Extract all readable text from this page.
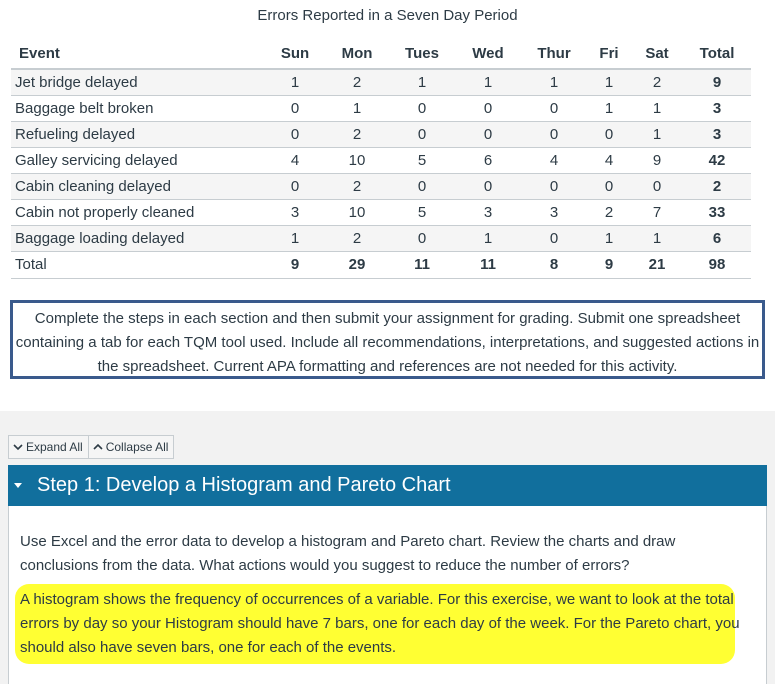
Errors Reported in a Seven Day Period
Event	Sun	Mon	Tues	Wed	Thur	Fri	Sat	Total
Jet bridge delayed	1	2	1	1	1	1	2	9
Baggage belt broken	0	1	0	0	0	1	1	3
Refueling delayed	0	2	0	0	0	0	1	3
Galley servicing delayed	4	10	5	6	4	4	9	42
Cabin cleaning delayed	0	2	0	0	0	0	0	2
Cabin not properly cleaned	3	10	5	3	3	2	7	33
Baggage loading delayed	1	2	0	1	0	1	1	6
Total	9	29	11	11	8	9	21	98

Complete the steps in each section and then submit your assignment for grading. Submit one spreadsheet containing a tab for each TQM tool used. Include all recommendations, interpretations, and suggested actions in the spreadsheet. Current APA formatting and references are not needed for this activity.

Expand All Collapse All
Step 1: Develop a Histogram and Pareto Chart

Use Excel and the error data to develop a histogram and Pareto chart. Review the charts and draw conclusions from the data. What actions would you suggest to reduce the number of errors?

A histogram shows the frequency of occurrences of a variable. For this exercise, we want to look at the total errors by day so your Histogram should have 7 bars, one for each day of the week. For the Pareto chart, you should also have seven bars, one for each of the events.
